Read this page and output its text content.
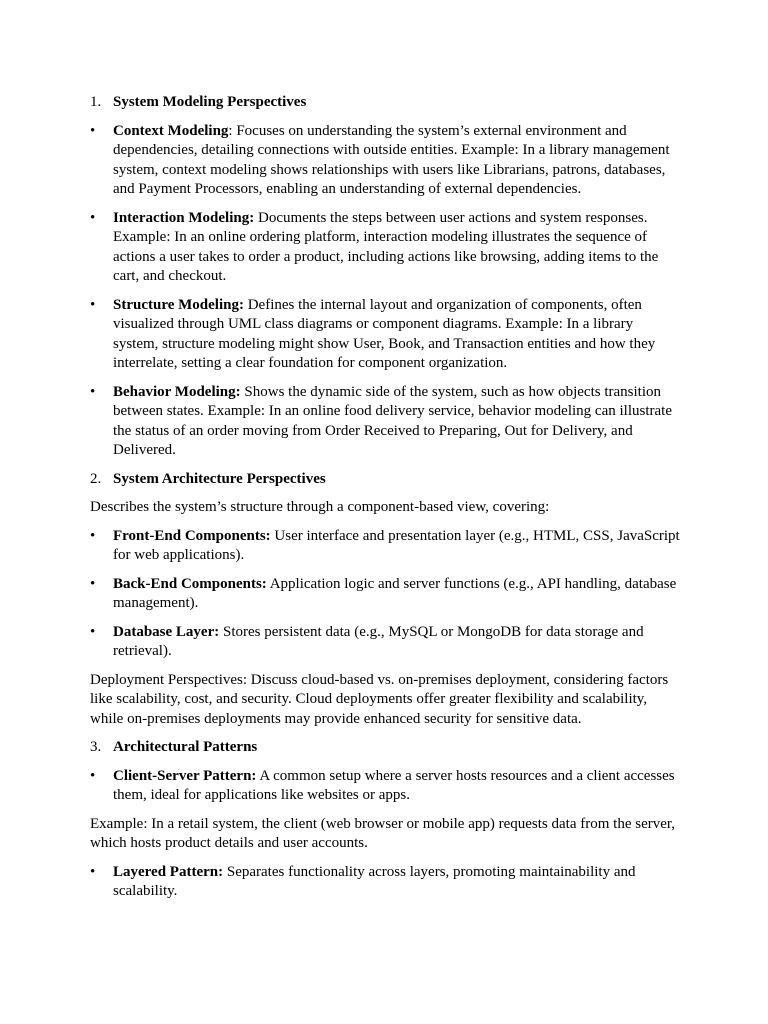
1. System Modeling Perspectives
•	Context Modeling: Focuses on understanding the system’s external environment and dependencies, detailing connections with outside entities. Example: In a library management system, context modeling shows relationships with users like Librarians, patrons, databases, and Payment Processors, enabling an understanding of external dependencies.
•	Interaction Modeling: Documents the steps between user actions and system responses. Example: In an online ordering platform, interaction modeling illustrates the sequence of actions a user takes to order a product, including actions like browsing, adding items to the cart, and checkout.
•	Structure Modeling: Defines the internal layout and organization of components, often visualized through UML class diagrams or component diagrams. Example: In a library system, structure modeling might show User, Book, and Transaction entities and how they interrelate, setting a clear foundation for component organization.
•	Behavior Modeling: Shows the dynamic side of the system, such as how objects transition between states. Example: In an online food delivery service, behavior modeling can illustrate the status of an order moving from Order Received to Preparing, Out for Delivery, and Delivered.
2. System Architecture Perspectives
Describes the system’s structure through a component-based view, covering:
•	Front-End Components: User interface and presentation layer (e.g., HTML, CSS, JavaScript for web applications).
•	Back-End Components: Application logic and server functions (e.g., API handling, database management).
•	Database Layer: Stores persistent data (e.g., MySQL or MongoDB for data storage and retrieval).
Deployment Perspectives: Discuss cloud-based vs. on-premises deployment, considering factors like scalability, cost, and security. Cloud deployments offer greater flexibility and scalability, while on-premises deployments may provide enhanced security for sensitive data.
3. Architectural Patterns
•	Client-Server Pattern: A common setup where a server hosts resources and a client accesses them, ideal for applications like websites or apps.
Example: In a retail system, the client (web browser or mobile app) requests data from the server, which hosts product details and user accounts.
•	Layered Pattern: Separates functionality across layers, promoting maintainability and scalability.
